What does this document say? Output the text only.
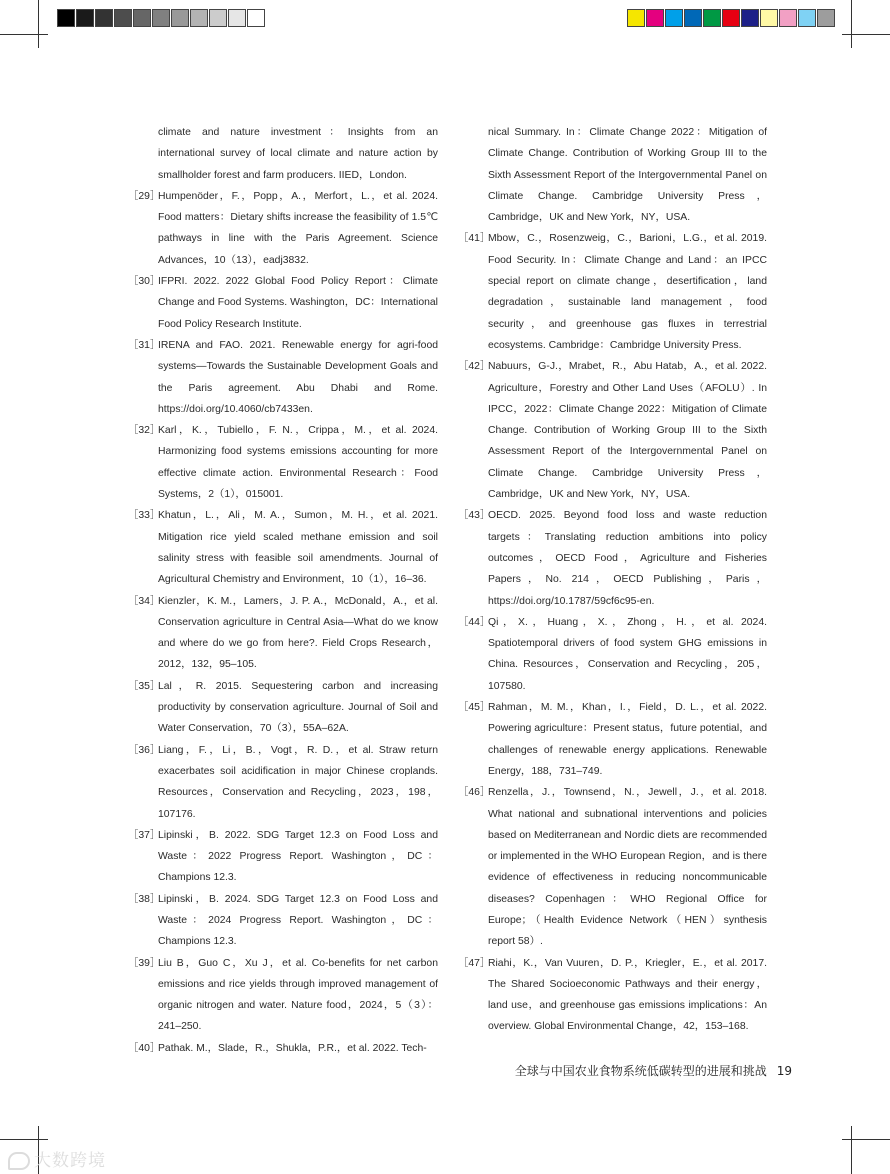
climate and nature investment：Insights from an international survey of local climate and nature action by smallholder forest and farm producers. IIED，London.
［29］
Humpenöder，F.，Popp，A.，Merfort，L.，et al. 2024. Food matters：Dietary shifts increase the feasibility of 1.5℃ pathways in line with the Paris Agreement. Science Advances，10（13），eadj3832.
［30］
IFPRI. 2022. 2022 Global Food Policy Report：Climate Change and Food Systems. Washington，DC：International Food Policy Research Institute.
［31］
IRENA and FAO. 2021. Renewable energy for agri-food systems—Towards the Sustainable Development Goals and the Paris agreement. Abu Dhabi and Rome. https://doi.org/10.4060/cb7433en.
［32］
Karl，K.，Tubiello，F. N.，Crippa，M.，et al. 2024. Harmonizing food systems emissions accounting for more effective climate action. Environmental Research：Food Systems，2（1），015001.
［33］
Khatun，L.，Ali，M. A.，Sumon，M. H.，et al. 2021. Mitigation rice yield scaled methane emission and soil salinity stress with feasible soil amendments. Journal of Agricultural Chemistry and Environment，10（1），16–36.
［34］
Kienzler，K. M.，Lamers，J. P. A.，McDonald，A.，et al. Conservation agriculture in Central Asia—What do we know and where do we go from here?. Field Crops Research，2012，132，95–105.
［35］
Lal，R. 2015. Sequestering carbon and increasing productivity by conservation agriculture. Journal of Soil and Water Conservation，70（3），55A–62A.
［36］
Liang，F.，Li，B.，Vogt，R. D.，et al. Straw return exacerbates soil acidification in major Chinese croplands. Resources，Conservation and Recycling，2023，198，107176.
［37］
Lipinski，B. 2022. SDG Target 12.3 on Food Loss and Waste：2022 Progress Report. Washington，DC：Champions 12.3.
［38］
Lipinski，B. 2024. SDG Target 12.3 on Food Loss and Waste：2024 Progress Report. Washington，DC：Champions 12.3.
［39］
Liu B，Guo C，Xu J，et al. Co-benefits for net carbon emissions and rice yields through improved management of organic nitrogen and water. Nature food，2024，5（3）：241–250.
［40］
Pathak. M.，Slade，R.，Shukla，P.R.，et al. 2022. Tech-
nical Summary. In：Climate Change 2022：Mitigation of Climate Change. Contribution of Working Group III to the Sixth Assessment Report of the Intergovernmental Panel on Climate Change. Cambridge University Press，Cambridge，UK and New York，NY，USA.
［41］
Mbow，C.，Rosenzweig，C.，Barioni，L.G.，et al. 2019. Food Security. In：Climate Change and Land：an IPCC special report on climate change，desertification，land degradation，sustainable land management，food security，and greenhouse gas fluxes in terrestrial ecosystems. Cambridge：Cambridge University Press.
［42］
Nabuurs，G-J.，Mrabet，R.，Abu Hatab，A.，et al. 2022. Agriculture，Forestry and Other Land Uses（AFOLU）. In IPCC，2022：Climate Change 2022：Mitigation of Climate Change. Contribution of Working Group III to the Sixth Assessment Report of the Intergovernmental Panel on Climate Change. Cambridge University Press，Cambridge，UK and New York，NY，USA.
［43］
OECD. 2025. Beyond food loss and waste reduction targets：Translating reduction ambitions into policy outcomes，OECD Food，Agriculture and Fisheries Papers，No. 214，OECD Publishing，Paris，https://doi.org/10.1787/59cf6c95-en.
［44］
Qi，X.，Huang，X.，Zhong，H.，et al. 2024. Spatiotemporal drivers of food system GHG emissions in China. Resources，Conservation and Recycling，205，107580.
［45］
Rahman，M. M.，Khan，I.，Field，D. L.，et al. 2022. Powering agriculture：Present status，future potential，and challenges of renewable energy applications. Renewable Energy，188，731–749.
［46］
Renzella，J.，Townsend，N.，Jewell，J.，et al. 2018. What national and subnational interventions and policies based on Mediterranean and Nordic diets are recommended or implemented in the WHO European Region，and is there evidence of effectiveness in reducing noncommunicable diseases? Copenhagen：WHO Regional Office for Europe；（Health Evidence Network（HEN）synthesis report 58）.
［47］
Riahi，K.，Van Vuuren，D. P.，Kriegler，E.，et al. 2017. The Shared Socioeconomic Pathways and their energy，land use，and greenhouse gas emissions implications：An overview. Global Environmental Change，42，153–168.
全球与中国农业食物系统低碳转型的进展和挑战 19
大数跨境
